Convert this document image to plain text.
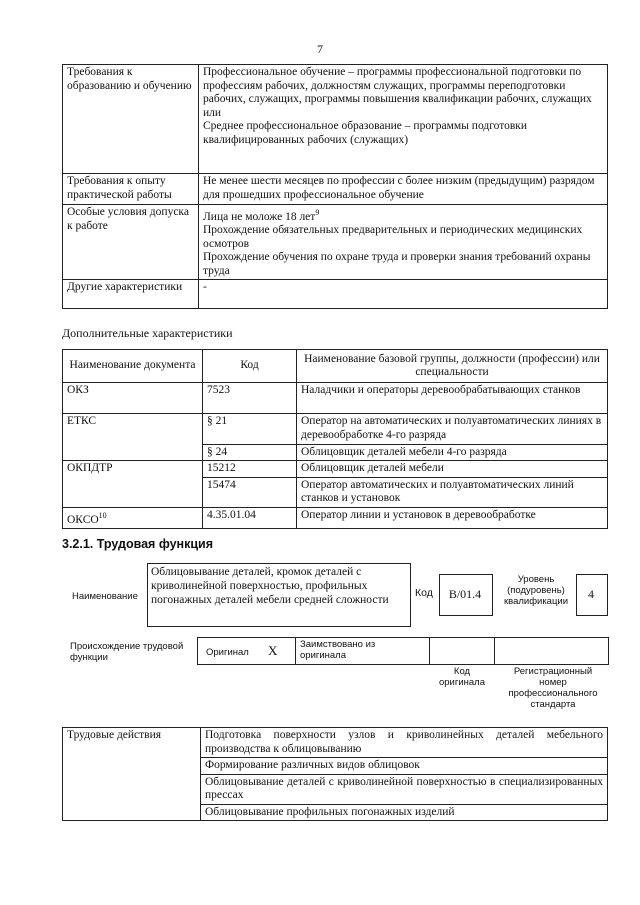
7
Требования к образованию и обучению	Профессиональное обучение – программы профессиональной подготовки по профессиям рабочих, должностям служащих, программы переподготовки рабочих, служащих, программы повышения квалификации рабочих, служащих
или
Среднее профессиональное образование – программы подготовки квалифицированных рабочих (служащих)

Требования к опыту практической работы	Не менее шести месяцев по профессии с более низким (предыдущим) разрядом для прошедших профессиональное обучение
Особые условия допуска к работе	Лица не моложе 18 лет$^9$
Прохождение обязательных предварительных и периодических медицинских осмотров
Прохождение обучения по охране труда и проверки знания требований охраны труда

Другие характеристики	-
Дополнительные характеристики
Наименование документа	Код	Наименование базовой группы, должности (профессии) или специальности
ОКЗ	7523	Наладчики и операторы деревообрабатывающих станков
ЕТКС	§ 21	Оператор на автоматических и полуавтоматических линиях в деревообработке 4-го разряда
	§ 24	Облицовщик деталей мебели 4-го разряда
ОКПДТР	15212	Облицовщик деталей мебели
	15474	Оператор автоматических и полуавтоматических линий станков и установок
ОКСО$^{10}$	4.35.01.04	Оператор линии и установок в деревообработке
3.2.1. Трудовая функция
Наименование
Облицовывание деталей, кромок деталей с криволинейной поверхностью, профильных погонажных деталей мебели средней сложности
Код	B/01.4
Уровень (подуровень) квалификации
4
Происхождение трудовой функции	Оригинал X Заимствовано из оригинала
Код оригинала
Регистрационный номер профессионального стандарта
Трудовые действия	Подготовка поверхности узлов и криволинейных деталей мебельного производства к облицовыванию
Формирование различных видов облицовок
Облицовывание деталей с криволинейной поверхностью в специализированных прессах
Облицовывание профильных погонажных изделий
